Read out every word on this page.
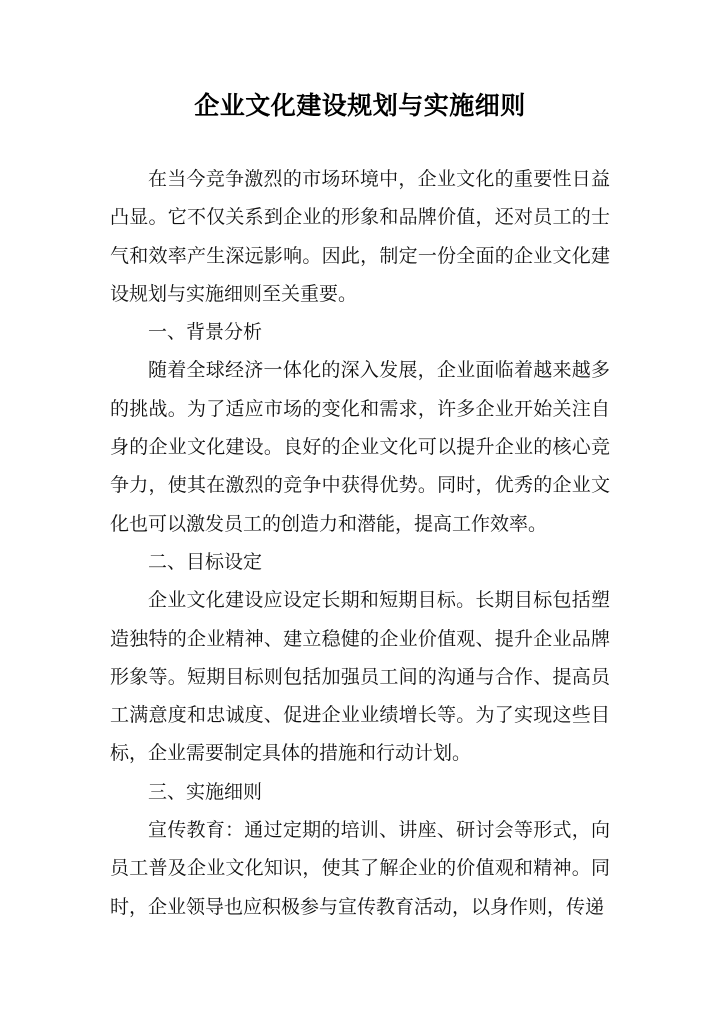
企业文化建设规划与实施细则

在当今竞争激烈的市场环境中，企业文化的重要性日益凸显。它不仅关系到企业的形象和品牌价值，还对员工的士气和效率产生深远影响。因此，制定一份全面的企业文化建设规划与实施细则至关重要。

一、背景分析

随着全球经济一体化的深入发展，企业面临着越来越多的挑战。为了适应市场的变化和需求，许多企业开始关注自身的企业文化建设。良好的企业文化可以提升企业的核心竞争力，使其在激烈的竞争中获得优势。同时，优秀的企业文化也可以激发员工的创造力和潜能，提高工作效率。

二、目标设定

企业文化建设应设定长期和短期目标。长期目标包括塑造独特的企业精神、建立稳健的企业价值观、提升企业品牌形象等。短期目标则包括加强员工间的沟通与合作、提高员工满意度和忠诚度、促进企业业绩增长等。为了实现这些目标，企业需要制定具体的措施和行动计划。

三、实施细则

宣传教育：通过定期的培训、讲座、研讨会等形式，向员工普及企业文化知识，使其了解企业的价值观和精神。同时，企业领导也应积极参与宣传教育活动，以身作则，传递
